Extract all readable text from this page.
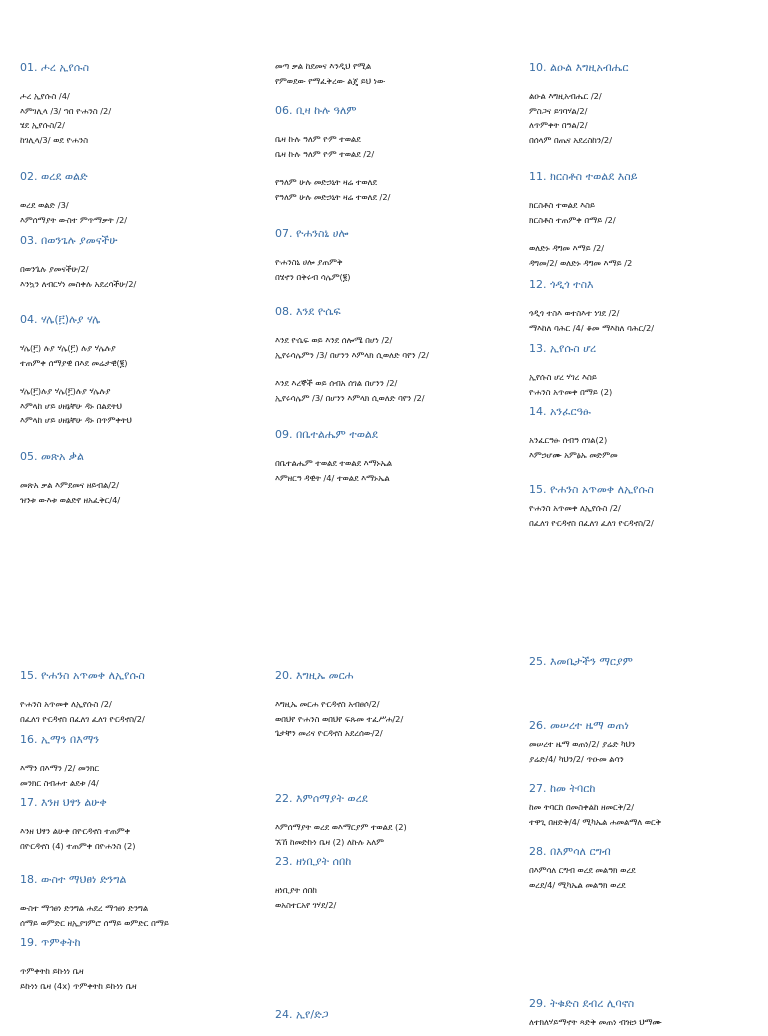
01. ሖረ ኢየሱስ
ሖረ ኢየሱስ /4/
እምገሊላ /3/ ኀበ ዮሐንስ /2/
ሄደ ኢየሱስ/2/
ከገሊላ/3/ ወደ ዮሐንስ
02. ወረደ ወልድ
ወረደ ወልድ /3/
እምሰማያት ውስተ ምጥማቃት /2/
03. በወንጌሉ ያመናችሁ
በወንጌሉ ያመናችሁ/2/
እንኳን ለብርሃነ መስቀሉ አደረሳችሁ/2/
04. ሃሌ(፫)ሉያ ሃሌ
ሃሌ(፫) ሉያ ሃሌ(፫) ሉያ ሃሌሉያ
ተጠምቀ ሰማያዊ በእደ መሬታዊ(፪)
ሃሌ(፫)ሉያ ሃሌ(፫)ሉያ ሃሌሉያ
እምላከ ሆይ ሀዘኔቸሁ ዳኑ በልደትህ
እምላከ ሆይ ሀዘኔቸሁ ዳኑ በጥምቀትህ
05. መጽአ ቃል
መጽአ ቃል እምደመና ዘይብል/2/
ዝንቱ ውእቱ ወልድየ ዘአፈቅር/4/
15. ዮሐንስ አጥመቀ ለኢየሱስ
ዮሐንስ አጥመቀ ለኢየሱስ /2/
በፈለገ ዮርዳኖስ በፈለገ ፈለገ ዮርዳኖስ/2/
16. ኢማን በእማን
እማን በእማን /2/ መንክር
መንክር ስብሐተ ልደቱ /4/
17. እንዘ ህፃን ልሁቀ
እንዘ ህፃን ልሁቀ በዮርዳኖስ ተጠምቀ
በዮርዳኖስ (4) ተጠምቀ በዮሐንስ (2)
18. ውስተ ማህፀነ ድንግል
ውስተ ማኅፀነ ድንግል ሐደረ ማኅፀነ ድንግል
ሰማይ ወምድር ዘኢያገምሮ ሰማይ ወምድር በማይ
19. ጥምቀትከ
ጥምቀትከ ይኩነነ ቤዛ
ይኩነነ ቤዛ (4x) ጥምቀትከ ይኩነነ ቤዛ
መጣ ቃል ከደመና እንዲህ የሚል
የምወደው የማፈቅረው ልጄ ይህ ነው
06. ቢዛ ኩሉ ዓለም
ቤዛ ኩሉ ዓለም ዮም ተወልደ
ቤዛ ኩሉ ዓለም ዮም ተወልደ /2/
የዓለም ሁሉ መድኃኒት ዛሬ ተወለደ
የዓለም ሁሉ መድኃኒት ዛሬ ተወለደ /2/
07. ዮሐንስኒ ሀሎ
ዮሐንስኒ ሀሎ ያጠምቅ
በሄኖን በቅሩብ ሳሌም(፪)
08. እንደ ዮሴፍ
እንደ ዮሴፍ ወይ እንደ ሰሎሜ በሆነ /2/
ኢየሩሳሌምን /3/ በሆንን እምላክ ሲወለድ ባየን /2/
እንደ እረኞች ወይ ሰብአ ሰገል በሆንን /2/
ኢየሩሳሌም /3/ በሆንን እምላክ ሲወለድ ባየን /2/
09. በቤተልሔም ተወልደ
በቤተልሔም ተወልደ ተወልደ እማኑኤል
እምዘርዓ ዳዊት /4/ ተወልደ እማኑኤል
20. እግዚኤ መርሐ
እግዚኤ መርሐ ዮርዳኖስ አብፀሶ/2/
ወበህየ ዮሐንስ ወበህየ ፍጹመ ተፈሥሐ/2/
ጌታቸን መሪና ዮርዳኖስ አደረሰው/2/
22. እምሰማያት ወረደ
እምሰማያት ወረደ ወእማርያም ተወልደ (2)
ኧኸ ከመድኩነ ቤዛ (2) ለኩሉ አለም
23. ዘነቢያት ሰበከ
ዘነቢያት ሰበከ
ወአስተርአየ ገሃደ/2/
24. ኢየ/ድጋ
10. ልዑል እግዚአብሔር
ልዑል እግዚአብሔር /2/
ምስጋና ይገባሃል/2/
ለጥምቀት በዓል/2/
በሰላም በጤና አደረስከን/2/
11. ክርስቶስ ተወልደ እስይ
ክርስቶስ ተወልደ እስይ
ክርስቶስ ተጠምቀ በማይ /2/
ወለድኑ ዳግመ እማይ /2/
ዳግመ/2/ ወለድኑ ዳግመ እማይ /2
12. ጎዲጎ ተስእ
ጎዲጎ ተስእ ወተስእተ ነገደ /2/
ማእከለ ባሕር /4/ ቆመ ማእከለ ባሕር/2/
13. ኢየሱስ ሆረ
ኢየሱስ ሆረ ሃገረ እስይ
ዮሐንስ አጥመቀ በማይ (2)
14. አንፈርዓፁ
አንፈርዓፁ ሰብዓ ሰገል(2)
እምኃሆሙ አምፅኡ መድምመ
15. ዮሐንስ አጥመቀ ለኢየሱስ
ዮሐንስ አጥመቀ ለኢየሱስ /2/
በፈለገ ዮርዳኖስ በፈለገ ፈለገ ዮርዳኖስ/2/
25. እመቤታችን ማርያም
26. መሠረተ ዜማ ወጠነ
መሠረተ ዜማ ወጠነ/2/ ያሬድ ካህን
ያሬድ/4/ ካህን/2/ ጥዑመ ልሳን
27. ከመ ትባርከ
ከመ ትባርከ በመስቀልከ ዘመርቅ/2/
ተዋጊ በዘድቅ/4/ ሚካኤል ሐመልማለ ወርቅ
28. በእምሳለ ርግብ
በእምሳለ ርግብ ወረደ መልዓክ ወረደ
ወረደ/4/ ሚካኤል መልዓክ ወረደ
29. ትቁድስ ደብረ ሊባኖስ
ለተክለሃይማኖት ጻድቅ መጠነ ብዝኃ ህማሙ
